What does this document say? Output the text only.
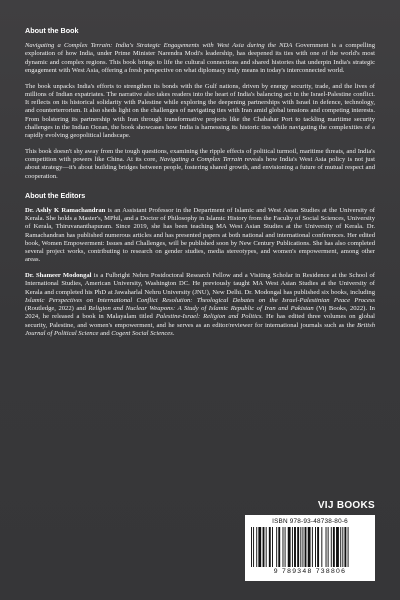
About the Book

Navigating a Complex Terrain: India's Strategic Engagements with West Asia during the NDA Government is a compelling exploration of how India, under Prime Minister Narendra Modi's leadership, has deepened its ties with one of the world's most dynamic and complex regions. This book brings to life the cultural connections and shared histories that underpin India's strategic engagement with West Asia, offering a fresh perspective on what diplomacy truly means in today's interconnected world.

The book unpacks India's efforts to strengthen its bonds with the Gulf nations, driven by energy security, trade, and the lives of millions of Indian expatriates. The narrative also takes readers into the heart of India's balancing act in the Israel-Palestine conflict. It reflects on its historical solidarity with Palestine while exploring the deepening partnerships with Israel in defence, technology, and counterterrorism. It also sheds light on the challenges of navigating ties with Iran amid global tensions and competing interests. From bolstering its partnership with Iran through transformative projects like the Chabahar Port to tackling maritime security challenges in the Indian Ocean, the book showcases how India is harnessing its historic ties while navigating the complexities of a rapidly evolving geopolitical landscape.

This book doesn't shy away from the tough questions, examining the ripple effects of political turmoil, maritime threats, and India's competition with powers like China. At its core, Navigating a Complex Terrain reveals how India's West Asia policy is not just about strategy—it's about building bridges between people, fostering shared growth, and envisioning a future of mutual respect and cooperation.

About the Editors

Dr. Ashly K Ramachandran is an Assistant Professor in the Department of Islamic and West Asian Studies at the University of Kerala. She holds a Master's, MPhil, and a Doctor of Philosophy in Islamic History from the Faculty of Social Sciences, University of Kerala, Thiruvananthapuram. Since 2019, she has been teaching MA West Asian Studies at the University of Kerala. Dr. Ramachandran has published numerous articles and has presented papers at both national and international conferences. Her edited book, Women Empowerment: Issues and Challenges, will be published soon by New Century Publications. She has also completed several project works, contributing to research on gender studies, media stereotypes, and women's empowerment, among other areas.

Dr. Shameer Modongal is a Fulbright Nehru Postdoctoral Research Fellow and a Visiting Scholar in Residence at the School of International Studies, American University, Washington DC. He previously taught MA West Asian Studies at the University of Kerala and completed his PhD at Jawaharlal Nehru University (JNU), New Delhi. Dr. Modongal has published six books, including Islamic Perspectives on International Conflict Resolution: Theological Debates on the Israel-Palestinian Peace Process (Routledge, 2022) and Religion and Nuclear Weapons: A Study of Islamic Republic of Iran and Pakistan (Vij Books, 2022). In 2024, he released a book in Malayalam titled Palestine-Israel: Religion and Politics. He has edited three volumes on global security, Palestine, and women's empowerment, and he serves as an editor/reviewer for international journals such as the British Journal of Political Science and Cogent Social Sciences.

VIJ BOOKS
ISBN 978-93-48738-80-6
9 789348 738806
